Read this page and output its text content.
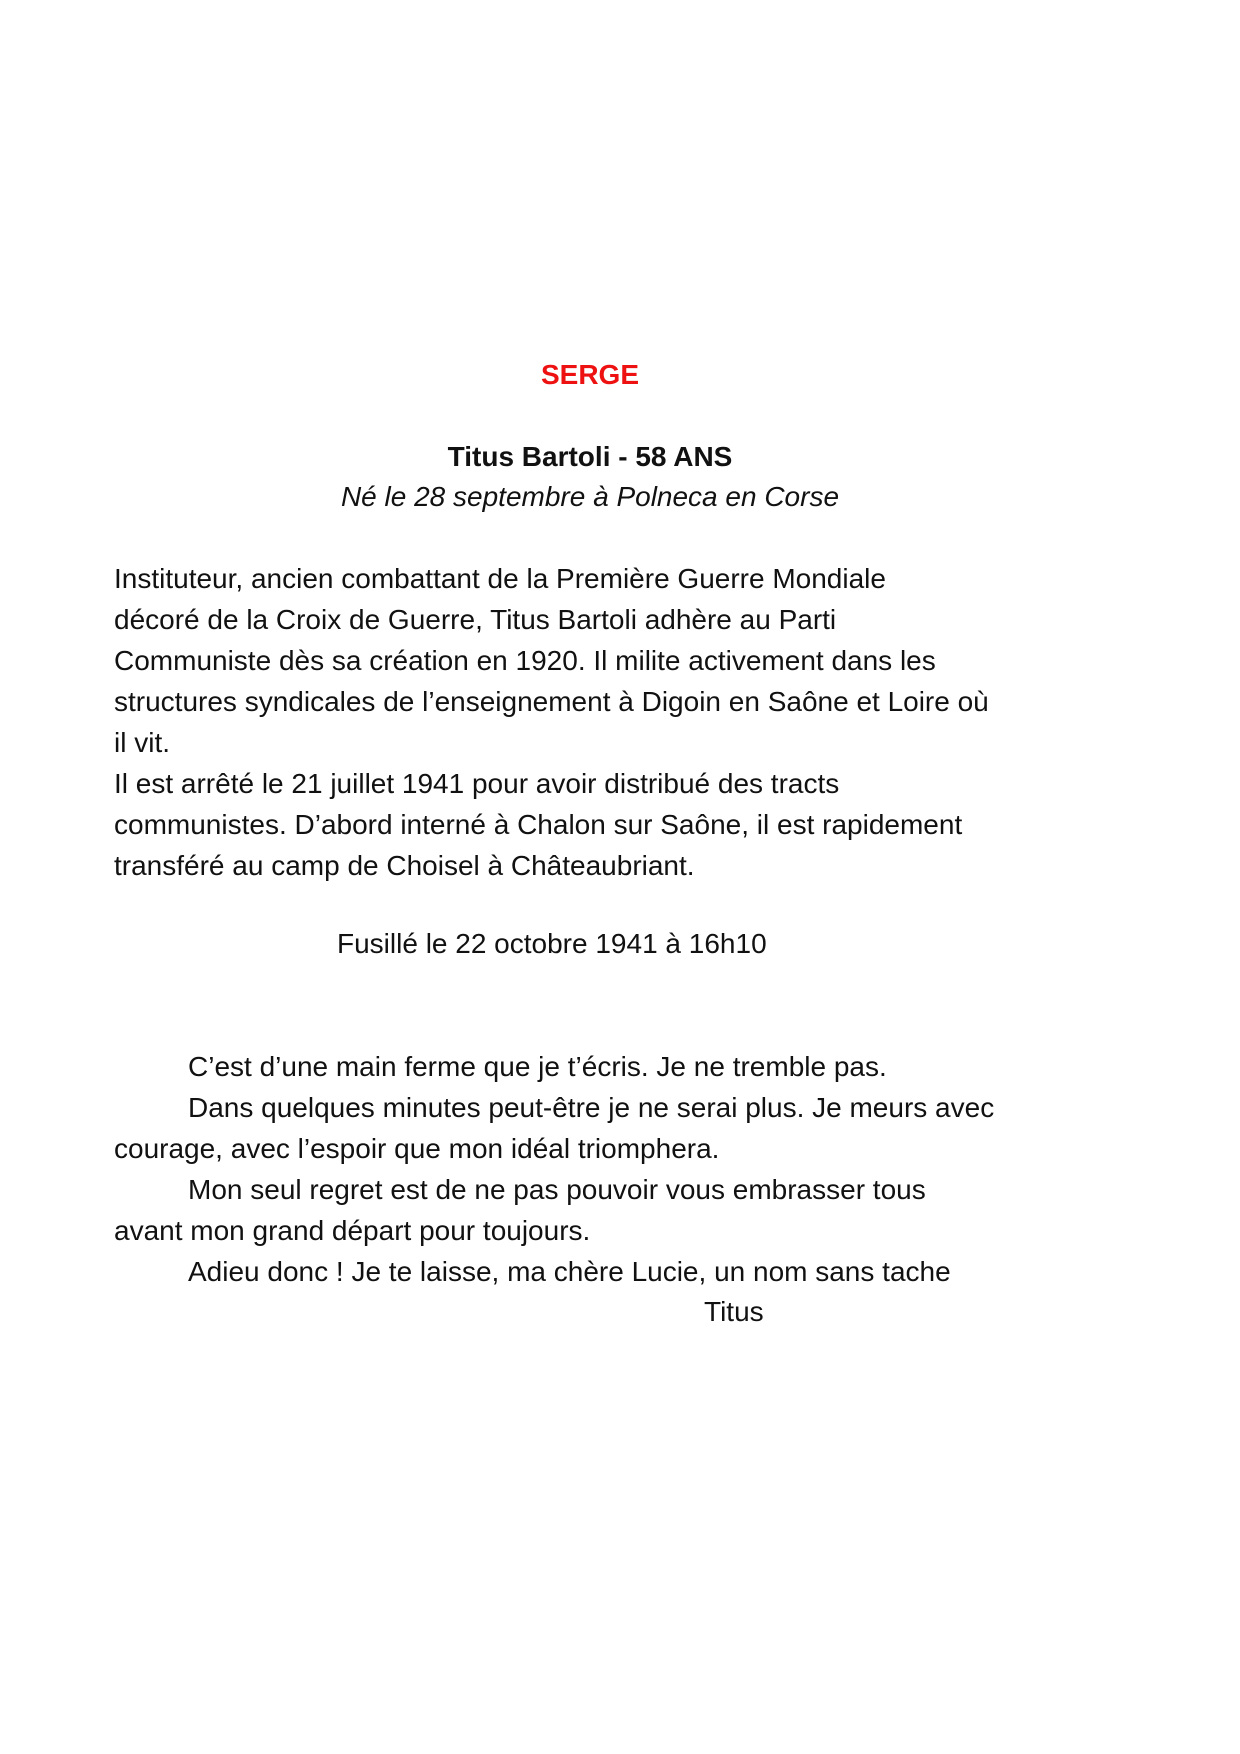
SERGE
Titus Bartoli - 58 ANS
Né le 28 septembre à Polneca en Corse
Instituteur, ancien combattant de la Première Guerre Mondiale
décoré de la Croix de Guerre, Titus Bartoli adhère au Parti
Communiste dès sa création en 1920. Il milite activement dans les
structures syndicales de l’enseignement à Digoin en Saône et Loire où
il vit.
Il est arrêté le 21 juillet 1941 pour avoir distribué des tracts
communistes. D’abord interné à Chalon sur Saône, il est rapidement
transféré au camp de Choisel à Châteaubriant.
Fusillé le 22 octobre 1941 à 16h10
C’est d’une main ferme que je t’écris. Je ne tremble pas.
Dans quelques minutes peut-être je ne serai plus. Je meurs avec
courage, avec l’espoir que mon idéal triomphera.
Mon seul regret est de ne pas pouvoir vous embrasser tous
avant mon grand départ pour toujours.
Adieu donc ! Je te laisse, ma chère Lucie, un nom sans tache
Titus
